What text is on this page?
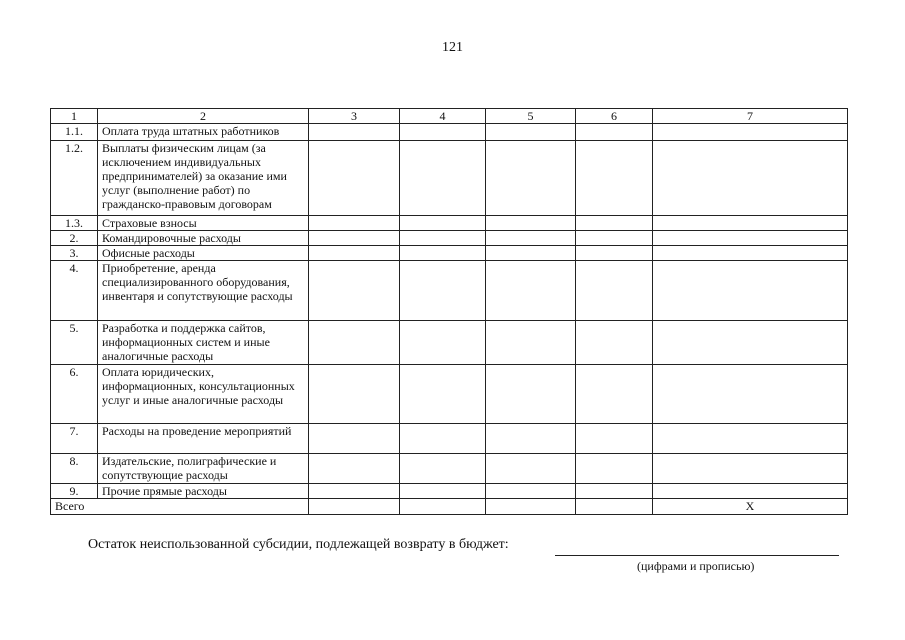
121
1	2	3	4	5	6	7
1.1.	Оплата труда штатных работников					
1.2.	Выплаты физическим лицам (за исключением индивидуальных предпринимателей) за оказание ими услуг (выполнение работ) по гражданско-правовым договорам					
1.3.	Страховые взносы					
2.	Командировочные расходы					
3.	Офисные расходы					
4.	Приобретение, аренда специализированного оборудования, инвентаря и сопутствующие расходы					
5.	Разработка и поддержка сайтов, информационных систем и иные аналогичные расходы					
6.	Оплата юридических, информационных, консультационных услуг и иные аналогичные расходы					
7.	Расходы на проведение мероприятий					
8.	Издательские, полиграфические и сопутствующие расходы					
9.	Прочие прямые расходы					
Всего						X
Остаток неиспользованной субсидии, подлежащей возврату в бюджет:
(цифрами и прописью)
